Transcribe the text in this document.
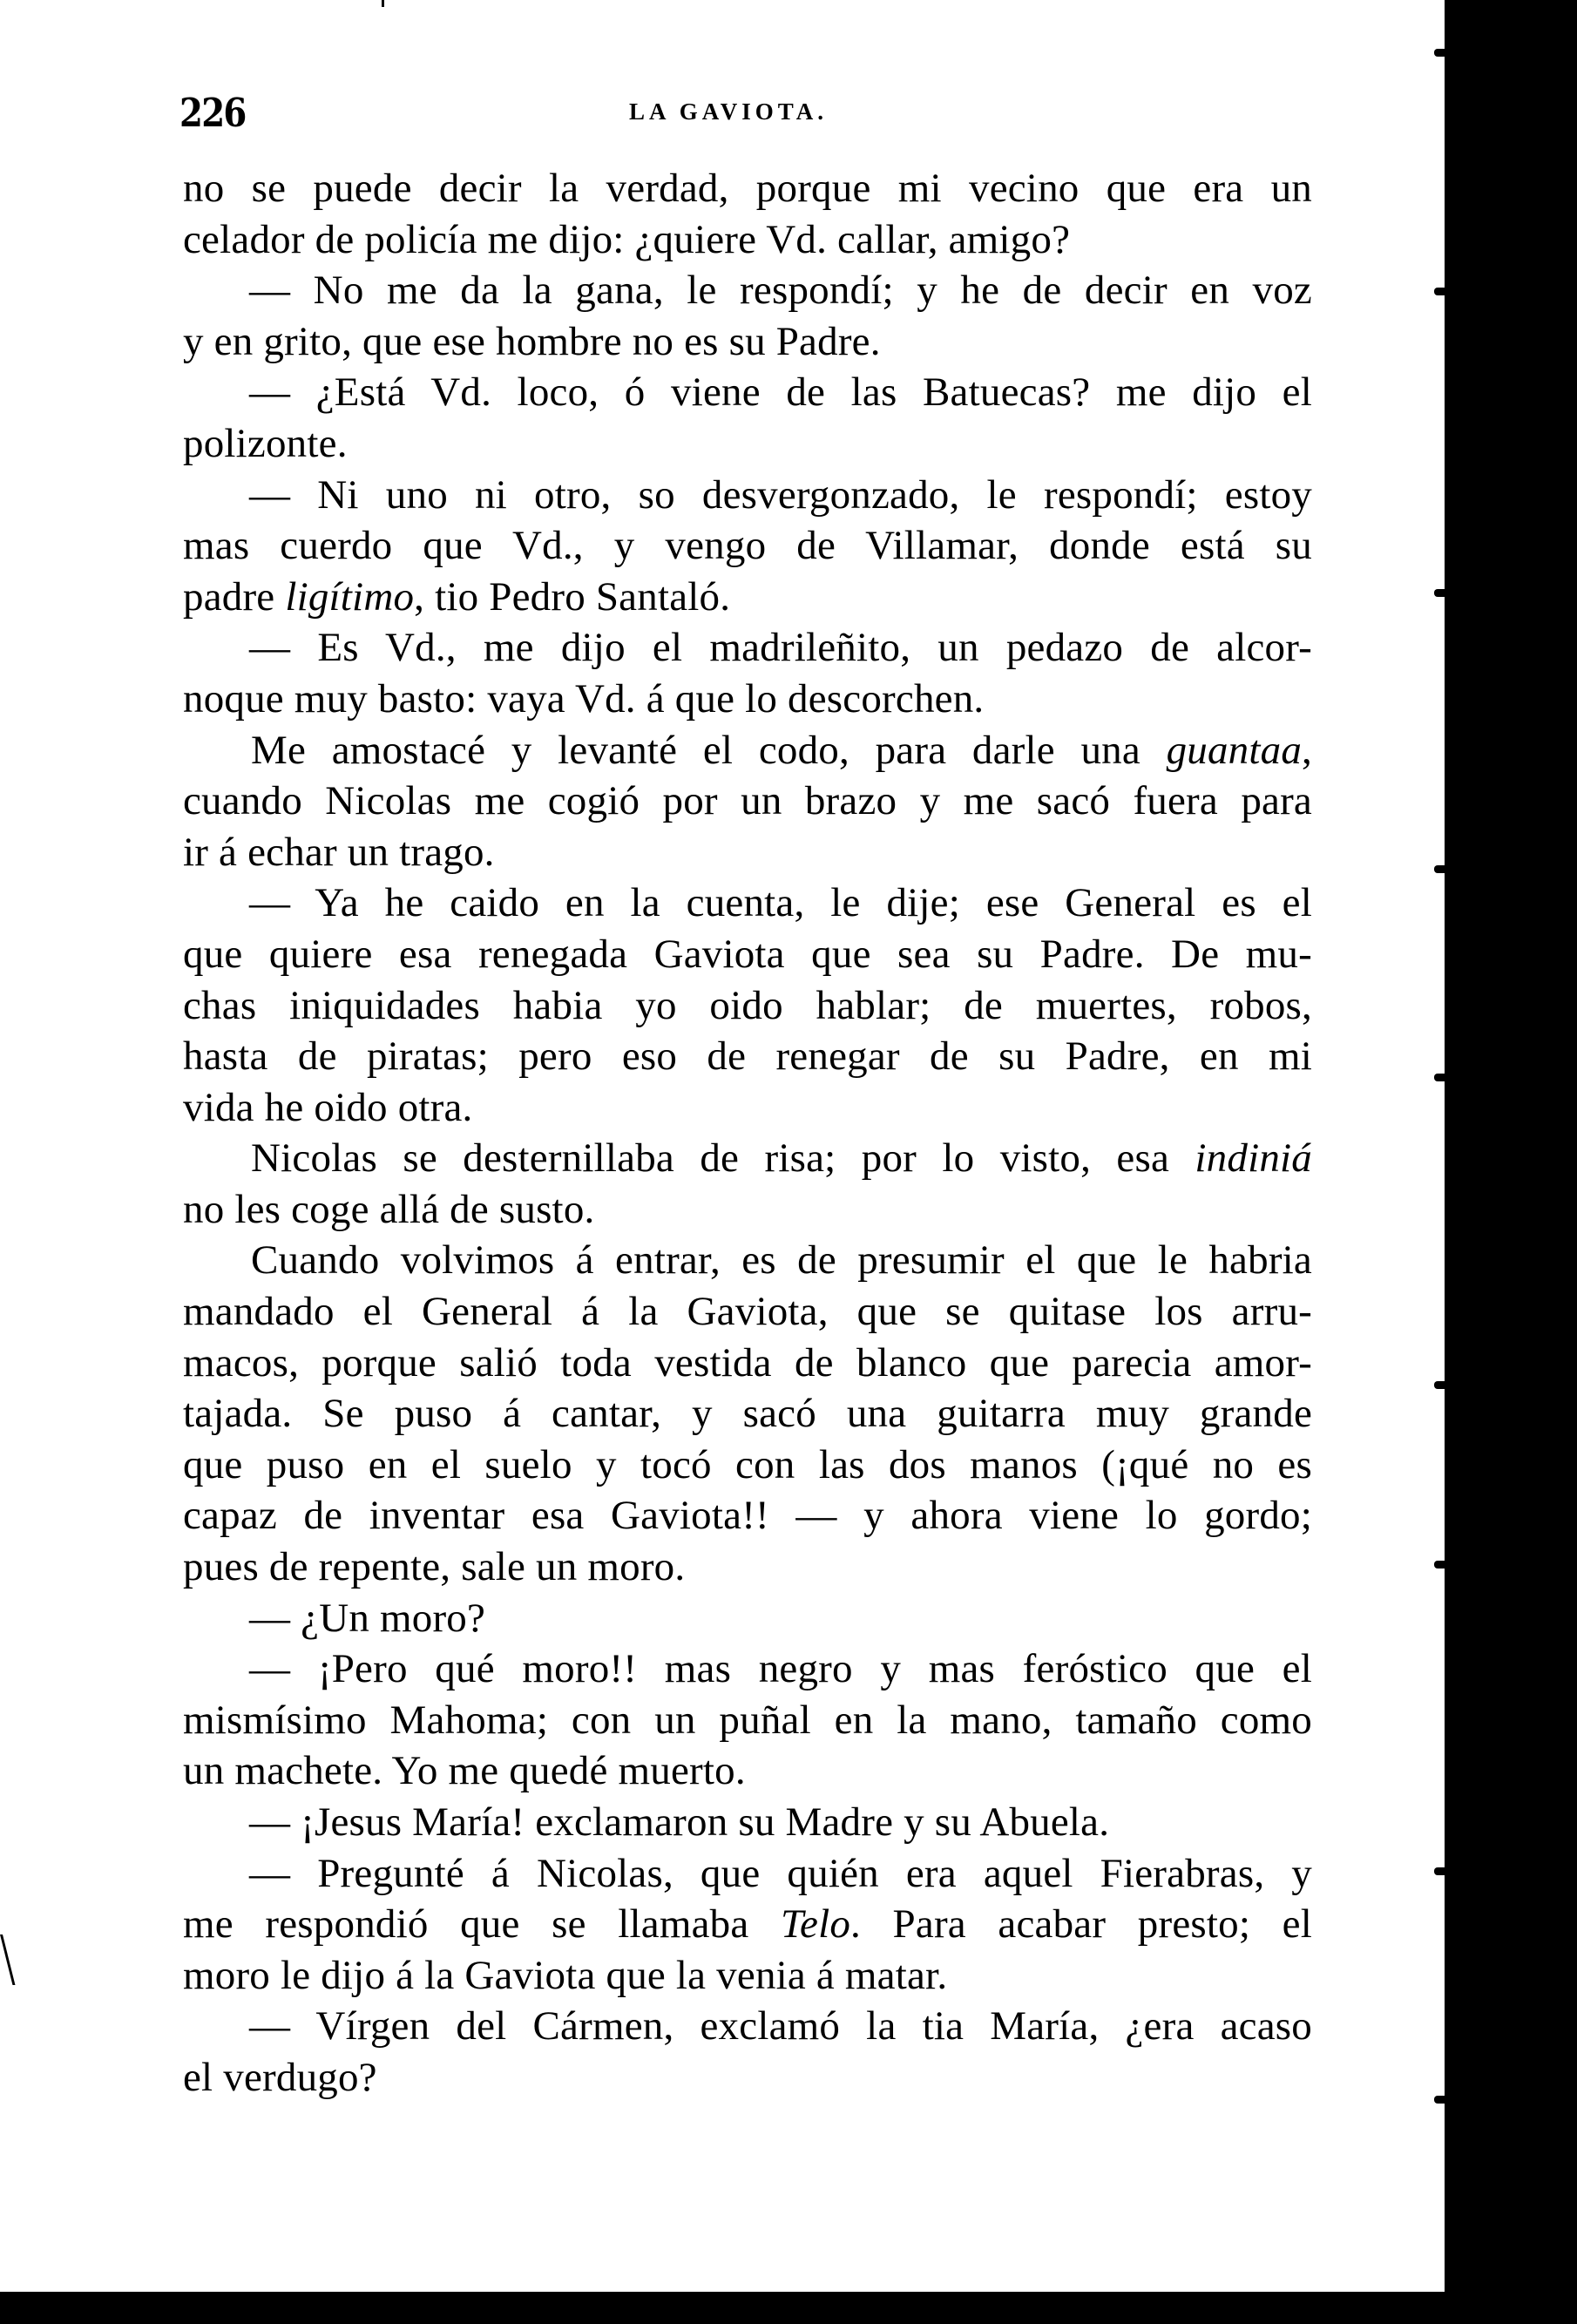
226	LA GAVIOTA.
no se puede decir la verdad, porque mi vecino que era un
celador de policía me dijo: ¿quiere Vd. callar, amigo?
— No me da la gana, le respondí; y he de decir en voz
y en grito, que ese hombre no es su Padre.
— ¿Está Vd. loco, ó viene de las Batuecas? me dijo el
polizonte.
— Ni uno ni otro, so desvergonzado, le respondí; estoy
mas cuerdo que Vd., y vengo de Villamar, donde está su
padre ligítimo, tio Pedro Santaló.
— Es Vd., me dijo el madrileñito, un pedazo de alcor-
noque muy basto: vaya Vd. á que lo descorchen.
Me amostacé y levanté el codo, para darle una guantaa,
cuando Nicolas me cogió por un brazo y me sacó fuera para
ir á echar un trago.
— Ya he caido en la cuenta, le dije; ese General es el
que quiere esa renegada Gaviota que sea su Padre. De mu-
chas iniquidades habia yo oido hablar; de muertes, robos,
hasta de piratas; pero eso de renegar de su Padre, en mi
vida he oido otra.
Nicolas se desternillaba de risa; por lo visto, esa indiniá
no les coge allá de susto.
Cuando volvimos á entrar, es de presumir el que le habria
mandado el General á la Gaviota, que se quitase los arru-
macos, porque salió toda vestida de blanco que parecia amor-
tajada. Se puso á cantar, y sacó una guitarra muy grande
que puso en el suelo y tocó con las dos manos (¡qué no es
capaz de inventar esa Gaviota!! — y ahora viene lo gordo;
pues de repente, sale un moro.
— ¿Un moro?
— ¡Pero qué moro!! mas negro y mas feróstico que el
mismísimo Mahoma; con un puñal en la mano, tamaño como
un machete. Yo me quedé muerto.
— ¡Jesus María! exclamaron su Madre y su Abuela.
— Pregunté á Nicolas, que quién era aquel Fierabras, y
me respondió que se llamaba Telo. Para acabar presto; el
moro le dijo á la Gaviota que la venia á matar.
— Vírgen del Cármen, exclamó la tia María, ¿era acaso
el verdugo?
